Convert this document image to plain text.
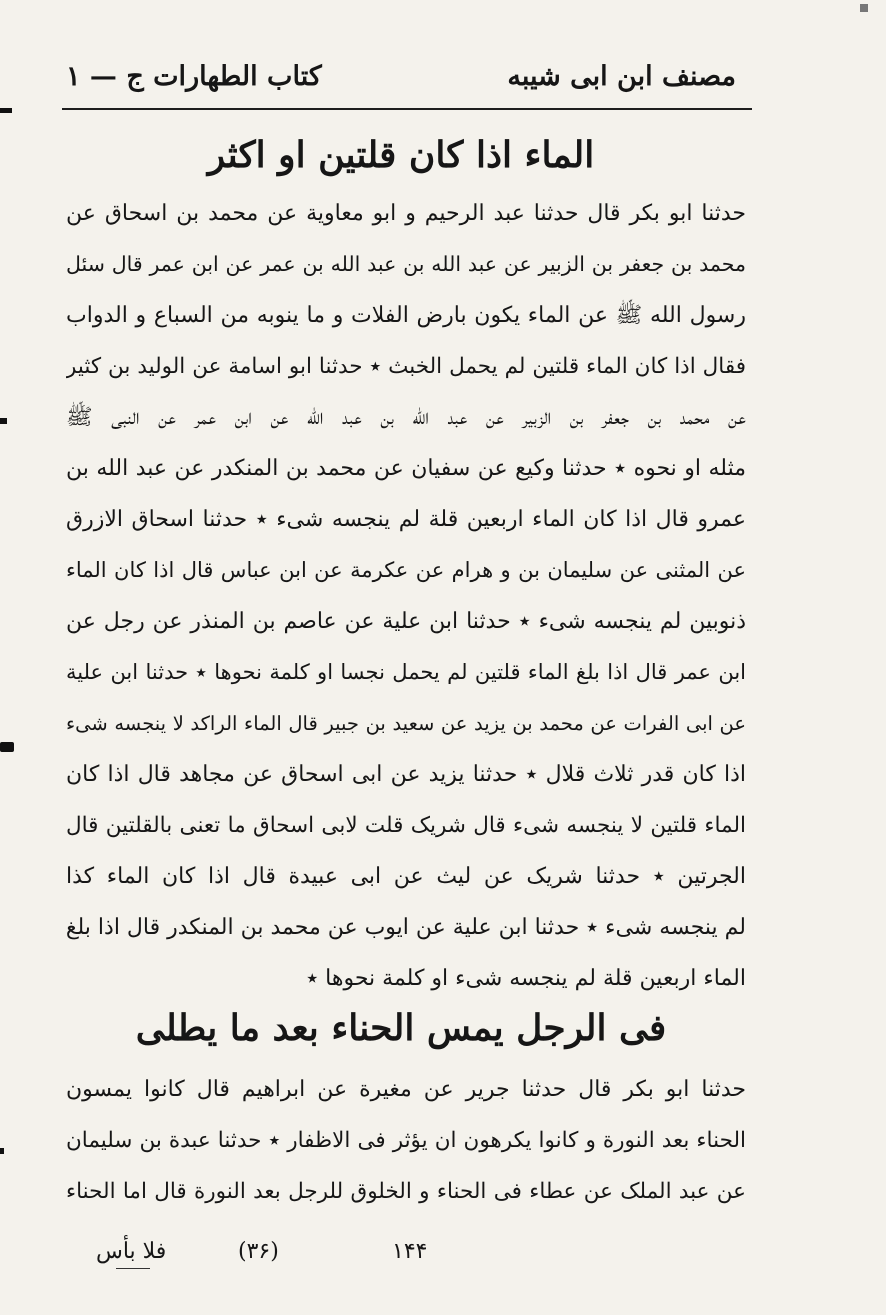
مصنف ابن ابی شیبه
کتاب الطهارات ج — ۱
الماء اذا کان قلتین او اکثر
حدثنا ابو بکر قال حدثنا عبد الرحیم و ابو معاویة عن محمد بن اسحاق عن
محمد بن جعفر بن الزبیر عن عبد الله بن عبد الله بن عمر عن ابن عمر قال سئل
رسول الله ﷺ عن الماء یکون بارض الفلات و ما ینوبه من السباع و الدواب
فقال اذا کان الماء قلتین لم یحمل الخبث ٭ حدثنا ابو اسامة عن الولید بن کثیر
عن محمد بن جعفر بن الزبیر عن عبد الله بن عبد الله عن ابن عمر عن النبی ﷺ
مثله او نحوه ٭ حدثنا وکیع عن سفیان عن محمد بن المنکدر عن عبد الله بن
عمرو قال اذا کان الماء اربعین قلة لم ینجسه شیء ٭ حدثنا اسحاق الازرق
عن المثنی عن سلیمان بن و هرام عن عکرمة عن ابن عباس قال اذا کان الماء
ذنوبین لم ینجسه شیء ٭ حدثنا ابن علیة عن عاصم بن المنذر عن رجل عن
ابن عمر قال اذا بلغ الماء قلتین لم یحمل نجسا او کلمة نحوها ٭ حدثنا ابن علیة
عن ابی الفرات عن محمد بن یزید عن سعید بن جبیر قال الماء الراکد لا ینجسه شیء
اذا کان قدر ثلاث قلال ٭ حدثنا یزید عن ابی اسحاق عن مجاهد قال اذا کان
الماء قلتین لا ینجسه شیء قال شریک قلت لابی اسحاق ما تعنی بالقلتین قال
الجرتین ٭ حدثنا شریک عن لیث عن ابی عبیدة قال اذا کان الماء کذا
لم ینجسه شیء ٭ حدثنا ابن علیة عن ایوب عن محمد بن المنکدر قال اذا بلغ
الماء اربعین قلة لم ینجسه شیء او کلمة نحوها ٭
فی الرجل یمس الحناء بعد ما یطلی
حدثنا ابو بکر قال حدثنا جریر عن مغیرة عن ابراهیم قال کانوا یمسون
الحناء بعد النورة و کانوا یکرهون ان یؤثر فی الاظفار ٭ حدثنا عبدة بن سلیمان
عن عبد الملک عن عطاء فی الحناء و الخلوق للرجل بعد النورة قال اما الحناء
فلا بأس	(۳۶)	۱۴۴
